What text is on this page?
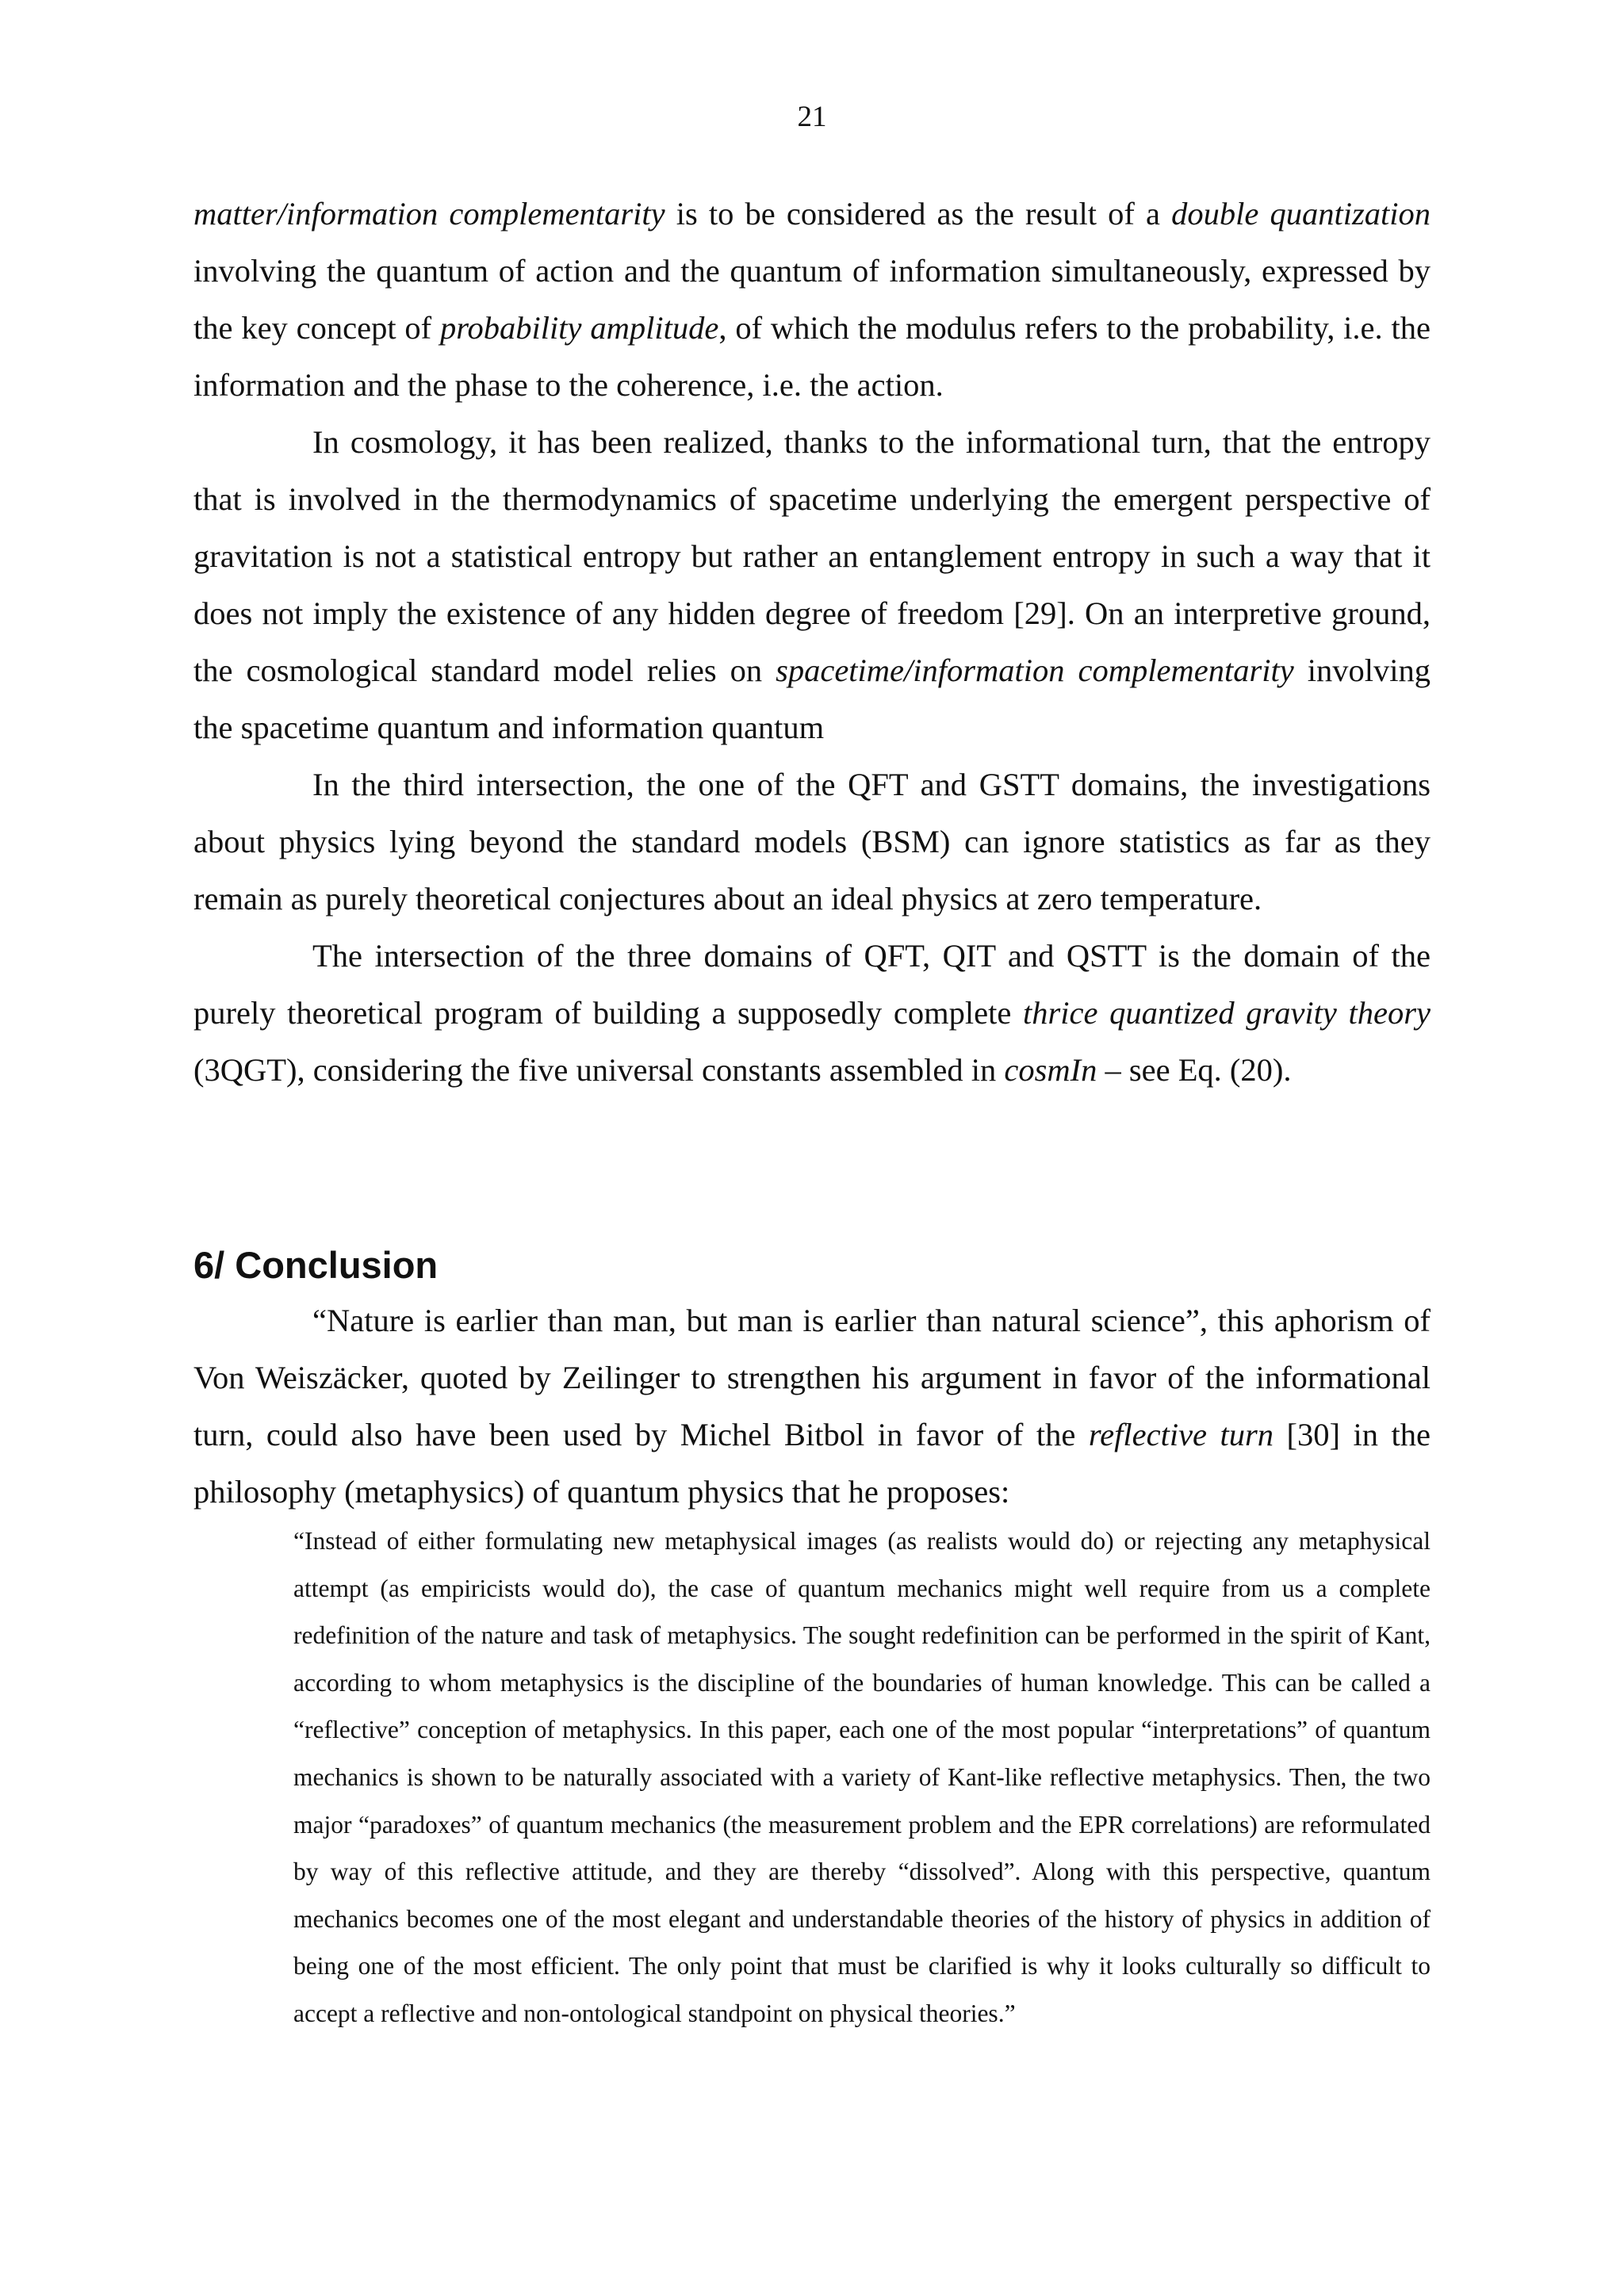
21

matter/information complementarity is to be considered as the result of a double quantization involving the quantum of action and the quantum of information simultaneously, expressed by the key concept of probability amplitude, of which the modulus refers to the probability, i.e. the information and the phase to the coherence, i.e. the action.

In cosmology, it has been realized, thanks to the informational turn, that the entropy that is involved in the thermodynamics of spacetime underlying the emergent perspective of gravitation is not a statistical entropy but rather an entanglement entropy in such a way that it does not imply the existence of any hidden degree of freedom [29]. On an interpretive ground, the cosmological standard model relies on spacetime/information complementarity involving the spacetime quantum and information quantum

In the third intersection, the one of the QFT and GSTT domains, the investigations about physics lying beyond the standard models (BSM) can ignore statistics as far as they remain as purely theoretical conjectures about an ideal physics at zero temperature.

The intersection of the three domains of QFT, QIT and QSTT is the domain of the purely theoretical program of building a supposedly complete thrice quantized gravity theory (3QGT), considering the five universal constants assembled in cosmIn – see Eq. (20).

6/ Conclusion

“Nature is earlier than man, but man is earlier than natural science”, this aphorism of Von Weiszäcker, quoted by Zeilinger to strengthen his argument in favor of the informational turn, could also have been used by Michel Bitbol in favor of the reflective turn [30] in the philosophy (metaphysics) of quantum physics that he proposes:

“Instead of either formulating new metaphysical images (as realists would do) or rejecting any metaphysical attempt (as empiricists would do), the case of quantum mechanics might well require from us a complete redefinition of the nature and task of metaphysics. The sought redefinition can be performed in the spirit of Kant, according to whom metaphysics is the discipline of the boundaries of human knowledge. This can be called a “reflective” conception of metaphysics. In this paper, each one of the most popular “interpretations” of quantum mechanics is shown to be naturally associated with a variety of Kant-like reflective metaphysics. Then, the two major “paradoxes” of quantum mechanics (the measurement problem and the EPR correlations) are reformulated by way of this reflective attitude, and they are thereby “dissolved”. Along with this perspective, quantum mechanics becomes one of the most elegant and understandable theories of the history of physics in addition of being one of the most efficient. The only point that must be clarified is why it looks culturally so difficult to accept a reflective and non-ontological standpoint on physical theories.”
